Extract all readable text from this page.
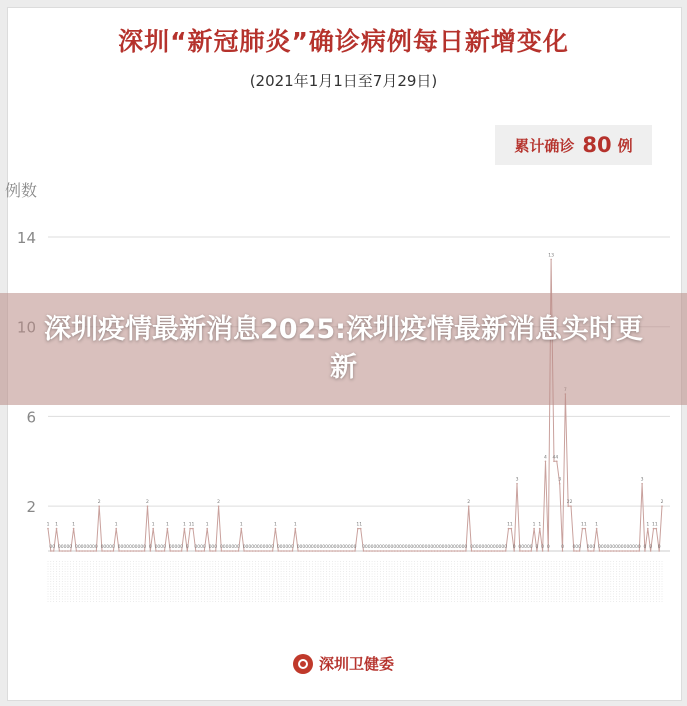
深圳“新冠肺炎”确诊病例每日新增变化
(2021年1月1日至7月29日)
累计确诊 80 例
例数
2
6
14
1
0 0
1
0 0 0 0 0
1
0 0 0 0 0 0 0 0
2
0 0 0 0 0
1
0 0 0 0 0 0 0 0 0 0
2
0
1
0 0 0 0
1
0 0 0 0 0
1
0
1 1
0 0 0 0
1
0 0 0
2
0 0 0 0 0 0 0
1
0 0 0 0 0 0 0 0 0 0 0
1
0 0 0 0 0 0
1
0 0 0 0 0 0 0 0 0 0 0 0 0 0 0 0 0 0 0 0 0
1 1
0 0 0 0 0 0 0 0 0 0 0 0 0 0 0 0 0 0 0 0 0 0 0 0 0 0 0 0 0 0 0 0 0 0 0 0 0
2
0 0 0 0 0 0 0 0 0 0 0 0 0
1 1
0
3
0 0 0 0 0
1
0
1
0
4
0
13
4 4
3
0
2 2
0 0 0
1 1
0 0 0
1
0 0 0 0 0 0 0 0 0 0 0 0 0 0 0
3
0
1
0
1 1
0
2
深圳疫情最新消息2025:深圳疫情最新消息实时更新
深圳卫健委
